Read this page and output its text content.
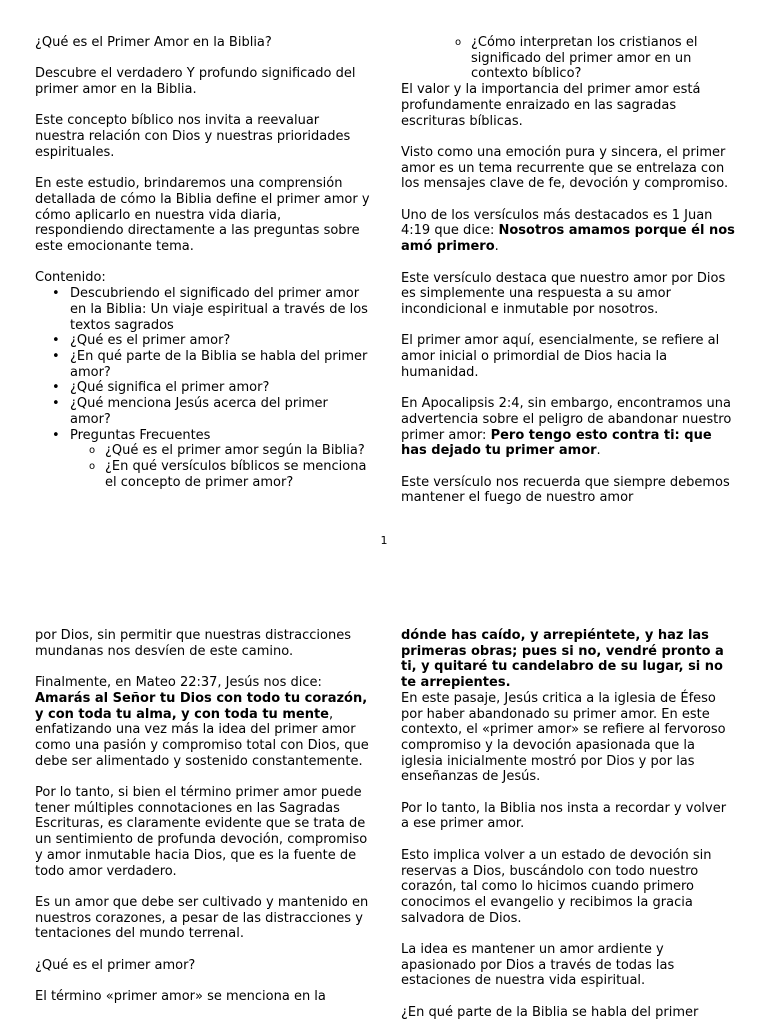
¿Qué es el Primer Amor en la Biblia?

Descubre el verdadero Y profundo significado del primer amor en la Biblia.

Este concepto bíblico nos invita a reevaluar nuestra relación con Dios y nuestras prioridades espirituales.

En este estudio, brindaremos una comprensión detallada de cómo la Biblia define el primer amor y cómo aplicarlo en nuestra vida diaria, respondiendo directamente a las preguntas sobre este emocionante tema.

Contenido:
• Descubriendo el significado del primer amor en la Biblia: Un viaje espiritual a través de los textos sagrados
• ¿Qué es el primer amor?
• ¿En qué parte de la Biblia se habla del primer amor?
• ¿Qué significa el primer amor?
• ¿Qué menciona Jesús acerca del primer amor?
• Preguntas Frecuentes
o ¿Qué es el primer amor según la Biblia?
o ¿En qué versículos bíblicos se menciona el concepto de primer amor?
o ¿Cómo interpretan los cristianos el significado del primer amor en un contexto bíblico?

El valor y la importancia del primer amor está profundamente enraizado en las sagradas escrituras bíblicas.

Visto como una emoción pura y sincera, el primer amor es un tema recurrente que se entrelaza con los mensajes clave de fe, devoción y compromiso.

Uno de los versículos más destacados es 1 Juan 4:19 que dice: Nosotros amamos porque él nos amó primero.

Este versículo destaca que nuestro amor por Dios es simplemente una respuesta a su amor incondicional e inmutable por nosotros.

El primer amor aquí, esencialmente, se refiere al amor inicial o primordial de Dios hacia la humanidad.

En Apocalipsis 2:4, sin embargo, encontramos una advertencia sobre el peligro de abandonar nuestro primer amor: Pero tengo esto contra ti: que has dejado tu primer amor.

Este versículo nos recuerda que siempre debemos mantener el fuego de nuestro amor

1

por Dios, sin permitir que nuestras distracciones mundanas nos desvíen de este camino.

Finalmente, en Mateo 22:37, Jesús nos dice: Amarás al Señor tu Dios con todo tu corazón, y con toda tu alma, y con toda tu mente, enfatizando una vez más la idea del primer amor como una pasión y compromiso total con Dios, que debe ser alimentado y sostenido constantemente.

Por lo tanto, si bien el término primer amor puede tener múltiples connotaciones en las Sagradas Escrituras, es claramente evidente que se trata de un sentimiento de profunda devoción, compromiso y amor inmutable hacia Dios, que es la fuente de todo amor verdadero.

Es un amor que debe ser cultivado y mantenido en nuestros corazones, a pesar de las distracciones y tentaciones del mundo terrenal.

¿Qué es el primer amor?

El término «primer amor» se menciona en la

dónde has caído, y arrepiéntete, y haz las primeras obras; pues si no, vendré pronto a ti, y quitaré tu candelabro de su lugar, si no te arrepientes.

En este pasaje, Jesús critica a la iglesia de Éfeso por haber abandonado su primer amor. En este contexto, el «primer amor» se refiere al fervoroso compromiso y la devoción apasionada que la iglesia inicialmente mostró por Dios y por las enseñanzas de Jesús.

Por lo tanto, la Biblia nos insta a recordar y volver a ese primer amor.

Esto implica volver a un estado de devoción sin reservas a Dios, buscándolo con todo nuestro corazón, tal como lo hicimos cuando primero conocimos el evangelio y recibimos la gracia salvadora de Dios.

La idea es mantener un amor ardiente y apasionado por Dios a través de todas las estaciones de nuestra vida espiritual.

¿En qué parte de la Biblia se habla del primer
